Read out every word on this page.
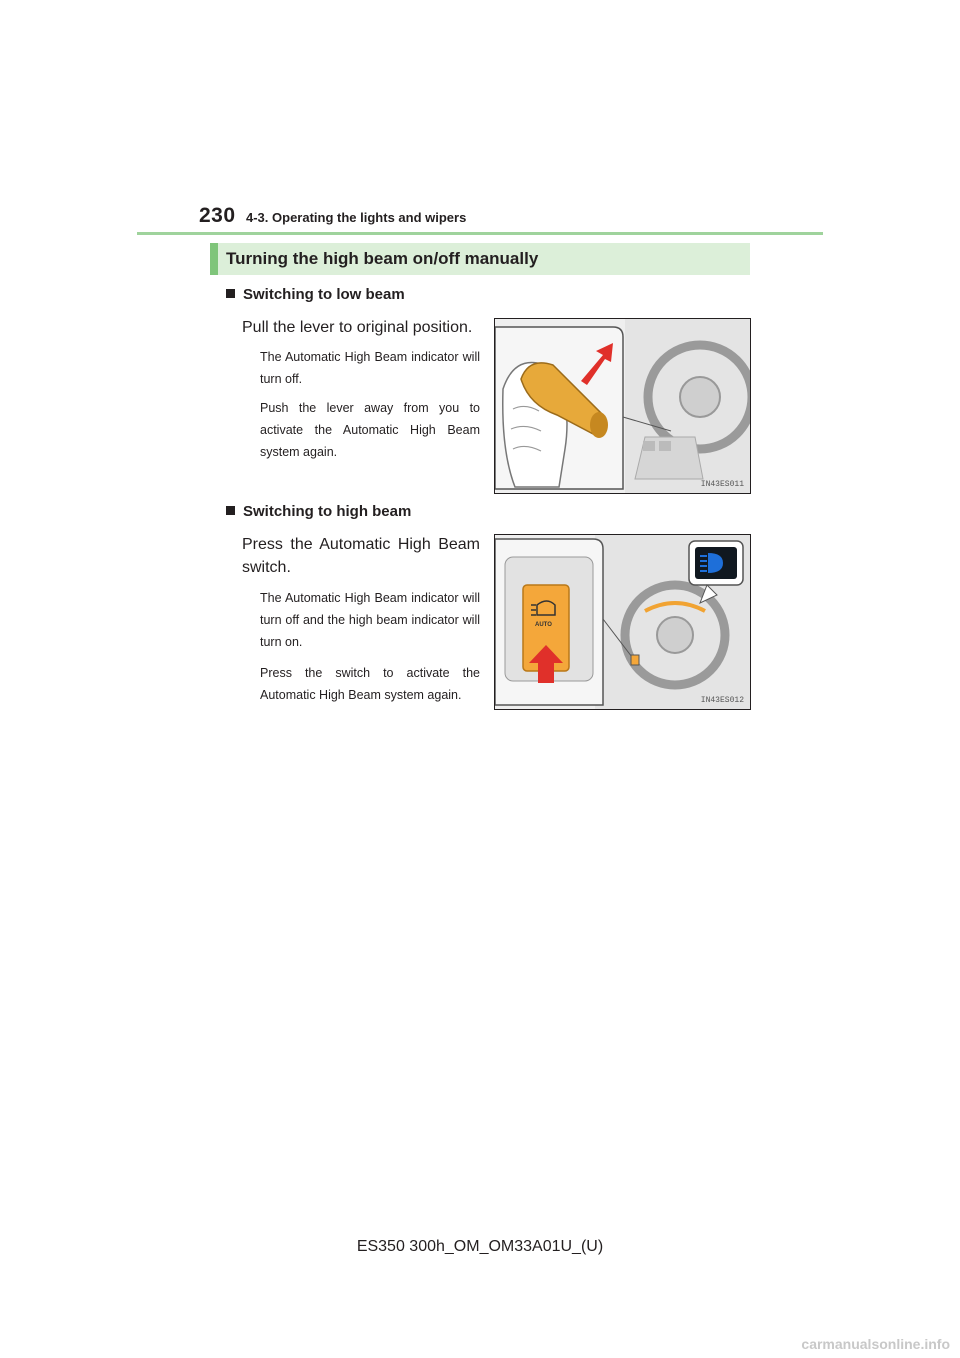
230 4-3. Operating the lights and wipers
Turning the high beam on/off manually
Switching to low beam
Pull the lever to original position.
The Automatic High Beam indicator will turn off.
Push the lever away from you to activate the Automatic High Beam system again.
IN43ES011
Switching to high beam
Press the Automatic High Beam switch.
The Automatic High Beam indicator will turn off and the high beam indicator will turn on.
Press the switch to activate the Automatic High Beam system again.
AUTO
IN43ES012
ES350 300h_OM_OM33A01U_(U)
carmanualsonline.info
